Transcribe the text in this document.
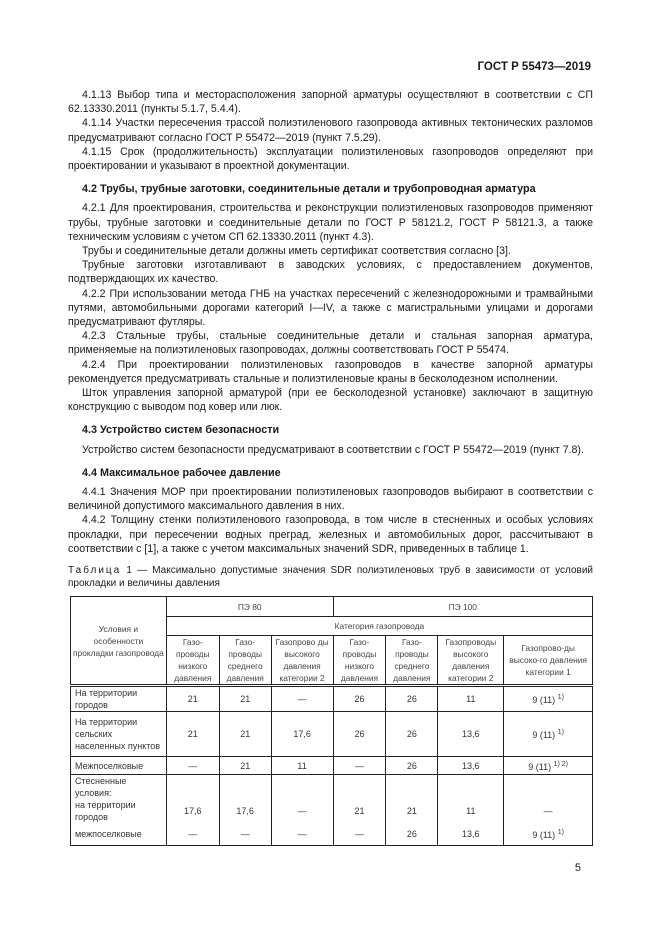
ГОСТ Р 55473—2019

4.1.13 Выбор типа и месторасположения запорной арматуры осуществляют в соответствии с СП 62.13330.2011 (пункты 5.1.7, 5.4.4).

4.1.14 Участки пересечения трассой полиэтиленового газопровода активных тектонических разломов предусматривают согласно ГОСТ Р 55472—2019 (пункт 7.5.29).

4.1.15 Срок (продолжительность) эксплуатации полиэтиленовых газопроводов определяют при проектировании и указывают в проектной документации.

4.2 Трубы, трубные заготовки, соединительные детали и трубопроводная арматура

4.2.1 Для проектирования, строительства и реконструкции полиэтиленовых газопроводов применяют трубы, трубные заготовки и соединительные детали по ГОСТ Р 58121.2, ГОСТ Р 58121.3, а также техническим условиям с учетом СП 62.13330.2011 (пункт 4.3).

Трубы и соединительные детали должны иметь сертификат соответствия согласно [3].

Трубные заготовки изготавливают в заводских условиях, с предоставлением документов, подтверждающих их качество.

4.2.2 При использовании метода ГНБ на участках пересечений с железнодорожными и трамвайными путями, автомобильными дорогами категорий I—IV, а также с магистральными улицами и дорогами предусматривают футляры.

4.2.3 Стальные трубы, стальные соединительные детали и стальная запорная арматура, применяемые на полиэтиленовых газопроводах, должны соответствовать ГОСТ Р 55474.

4.2.4 При проектировании полиэтиленовых газопроводов в качестве запорной арматуры рекомендуется предусматривать стальные и полиэтиленовые краны в бесколодезном исполнении.

Шток управления запорной арматурой (при ее бесколодезной установке) заключают в защитную конструкцию с выводом под ковер или люк.

4.3 Устройство систем безопасности

Устройство систем безопасности предусматривают в соответствии с ГОСТ Р 55472—2019 (пункт 7.8).

4.4 Максимальное рабочее давление

4.4.1 Значения MOP при проектировании полиэтиленовых газопроводов выбирают в соответствии с величиной допустимого максимального давления в них.

4.4.2 Толщину стенки полиэтиленового газопровода, в том числе в стесненных и особых условиях прокладки, при пересечении водных преград, железных и автомобильных дорог, рассчитывают в соответствии с [1], а также с учетом максимальных значений SDR, приведенных в таблице 1.

Таблица 1 — Максимально допустимые значения SDR полиэтиленовых труб в зависимости от условий прокладки и величины давления
Условия и особенности прокладки газопровода	ПЭ 80			ПЭ 100			
	Категория газопровода						
	Газо-проводы низкого давления	Газо-проводы среднего давления	Газопрово ды высокого давления категории 2	Газо-проводы низкого давления	Газо-проводы среднего давления	Газопроводы высокого давления категории 2	Газопрово-ды высоко-го давления категории 1
На территории городов	21	21	—	26	26	11	9 (11) $^{1)}$
На территории сельских населенных пунктов	21	21	17,6	26	26	13,6	9 (11) $^{1)}$
Межпоселковые	—	21	11	—	26	13,6	9 (11) $^{1) 2)}$
Стесненные условия:							
на территории городов	17,6	17,6	—	21	21	11	—
межпоселковые	—	—	—	—	26	13,6	9 (11) $^{1)}$
5
